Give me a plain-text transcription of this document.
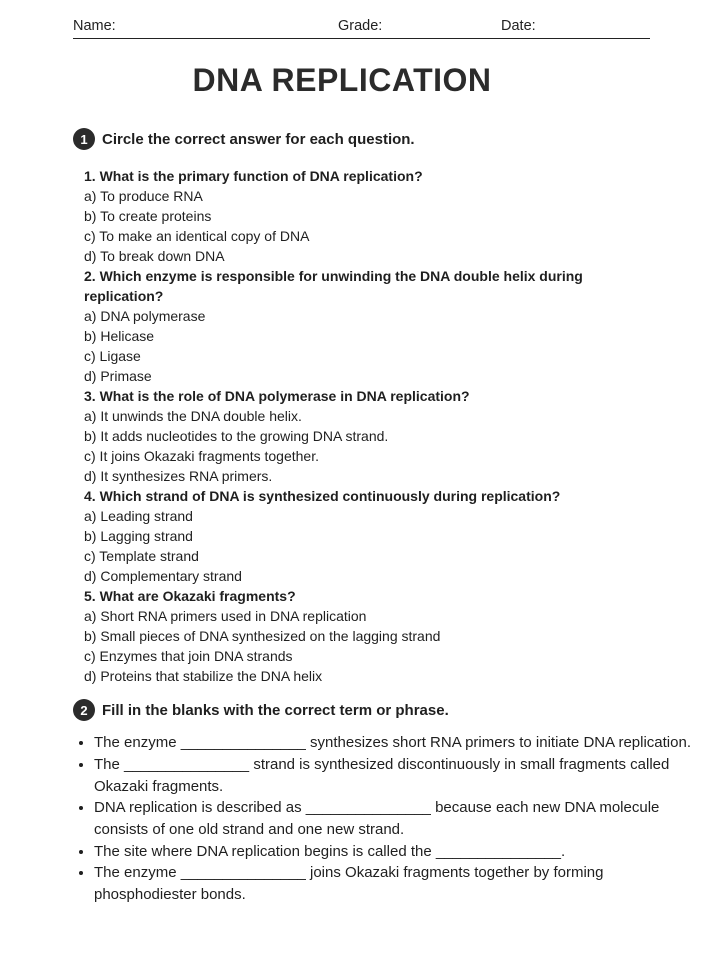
Name:	Grade:	Date:
DNA REPLICATION
1 Circle the correct answer for each question.
1. What is the primary function of DNA replication?
a) To produce RNA
b) To create proteins
c) To make an identical copy of DNA
d) To break down DNA
2. Which enzyme is responsible for unwinding the DNA double helix during replication?
a) DNA polymerase
b) Helicase
c) Ligase
d) Primase
3. What is the role of DNA polymerase in DNA replication?
a) It unwinds the DNA double helix.
b) It adds nucleotides to the growing DNA strand.
c) It joins Okazaki fragments together.
d) It synthesizes RNA primers.
4. Which strand of DNA is synthesized continuously during replication?
a) Leading strand
b) Lagging strand
c) Template strand
d) Complementary strand
5. What are Okazaki fragments?
a) Short RNA primers used in DNA replication
b) Small pieces of DNA synthesized on the lagging strand
c) Enzymes that join DNA strands
d) Proteins that stabilize the DNA helix
2 Fill in the blanks with the correct term or phrase.
• The enzyme _______________ synthesizes short RNA primers to initiate DNA replication.
• The _______________ strand is synthesized discontinuously in small fragments called Okazaki fragments.
• DNA replication is described as _______________ because each new DNA molecule consists of one old strand and one new strand.
• The site where DNA replication begins is called the _______________.
• The enzyme _______________ joins Okazaki fragments together by forming phosphodiester bonds.
